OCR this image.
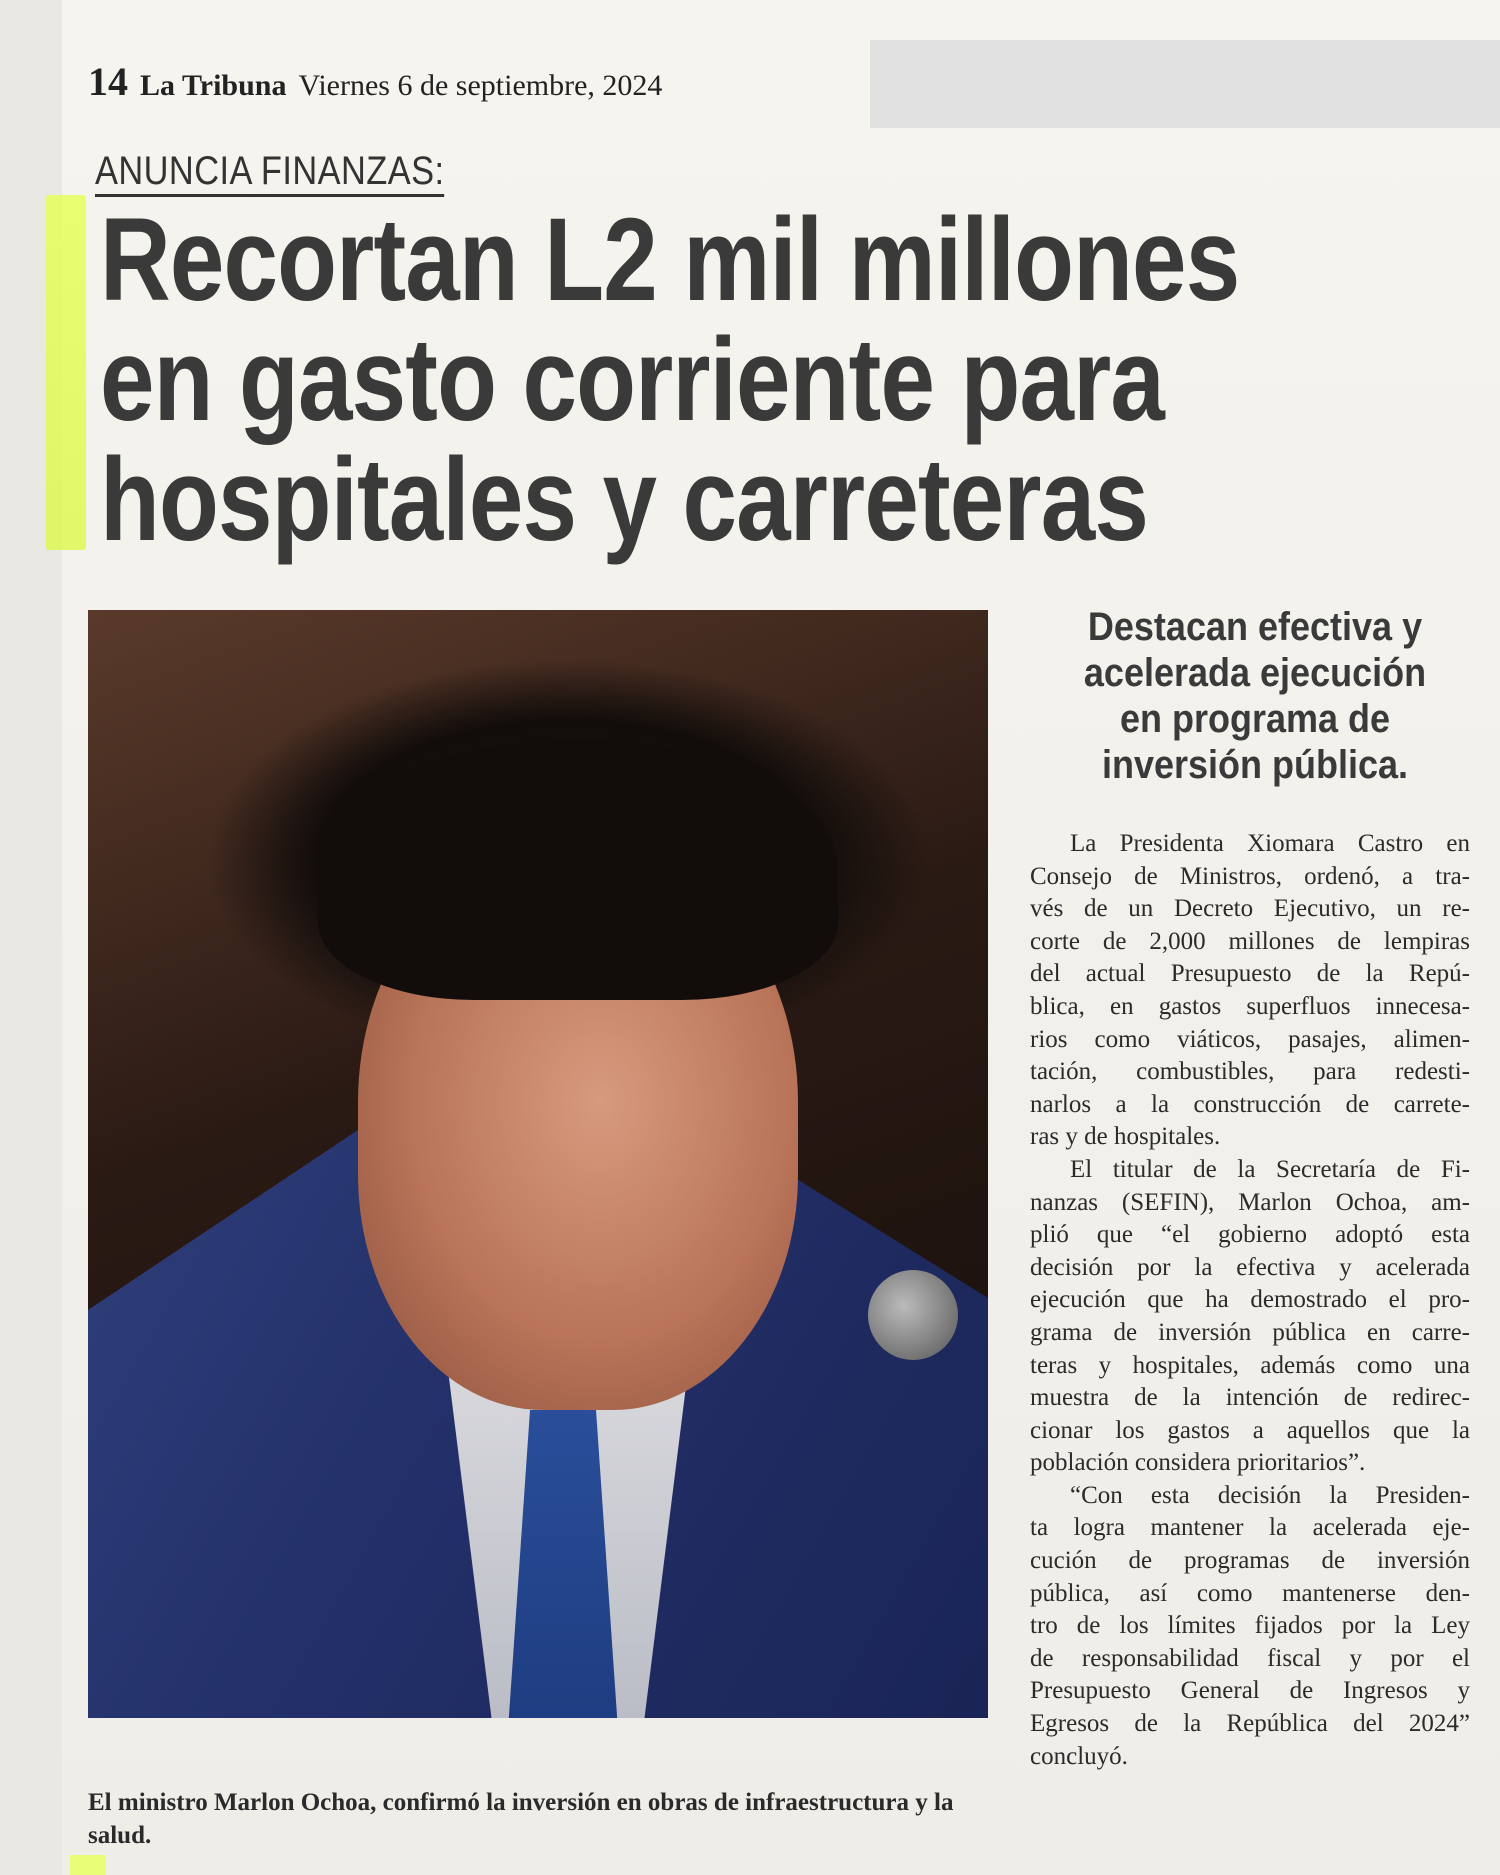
14 La Tribuna Viernes 6 de septiembre, 2024
ANUNCIA FINANZAS:
Recortan L2 mil millones
en gasto corriente para
hospitales y carreteras

El ministro Marlon Ochoa, confirmó la inversión en obras de infraestructura y la salud.

Destacan efectiva y
acelerada ejecución
en programa de
inversión pública.
La Presidenta Xiomara Castro en
Consejo de Ministros, ordenó, a tra-
vés de un Decreto Ejecutivo, un re-
corte de 2,000 millones de lempiras
del actual Presupuesto de la Repú-
blica, en gastos superfluos innecesa-
rios como viáticos, pasajes, alimen-
tación, combustibles, para redesti-
narlos a la construcción de carrete-
ras y de hospitales.
El titular de la Secretaría de Fi-
nanzas (SEFIN), Marlon Ochoa, am-
plió que “el gobierno adoptó esta
decisión por la efectiva y acelerada
ejecución que ha demostrado el pro-
grama de inversión pública en carre-
teras y hospitales, además como una
muestra de la intención de redirec-
cionar los gastos a aquellos que la
población considera prioritarios”.
“Con esta decisión la Presiden-
ta logra mantener la acelerada eje-
cución de programas de inversión
pública, así como mantenerse den-
tro de los límites fijados por la Ley
de responsabilidad fiscal y por el
Presupuesto General de Ingresos y
Egresos de la República del 2024”
concluyó.
